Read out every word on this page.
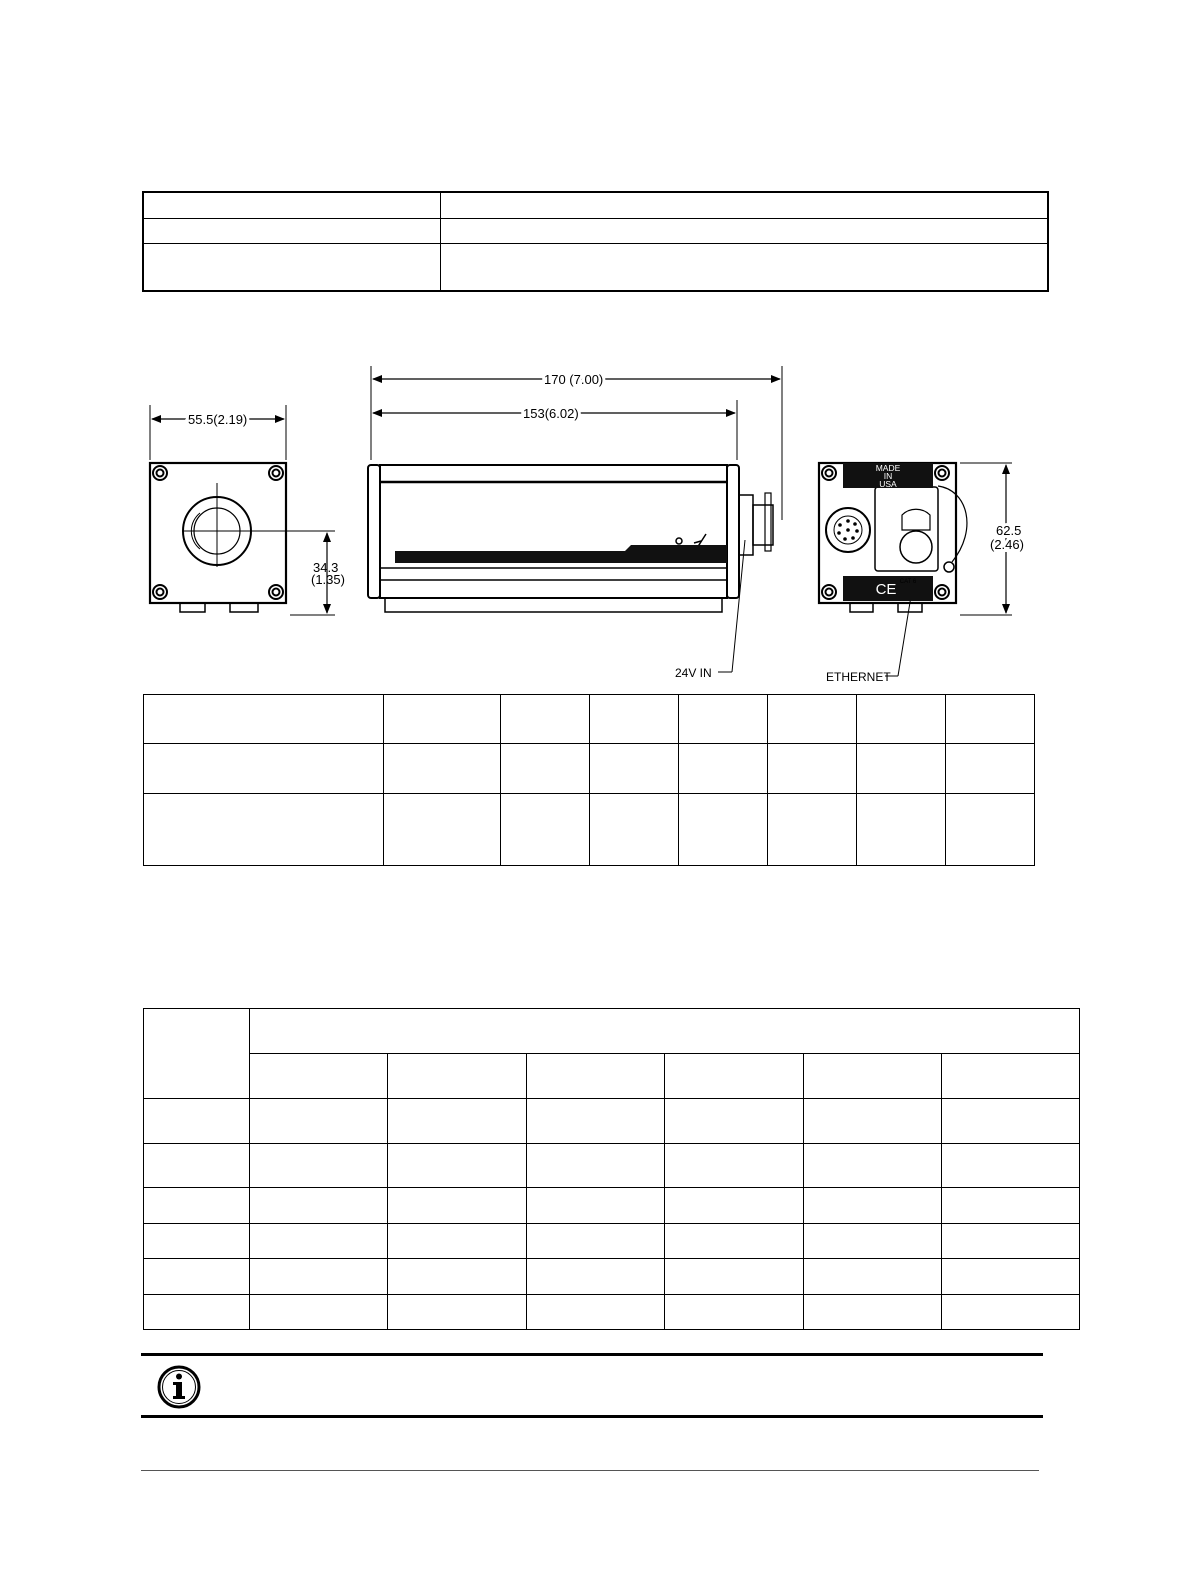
55.5(2.19)
34.3
(1.35)
170 (7.00)
153(6.02)
24V IN
MADE
IN
USA
CE CAT 6
62.5
(2.46)
ETHERNET
